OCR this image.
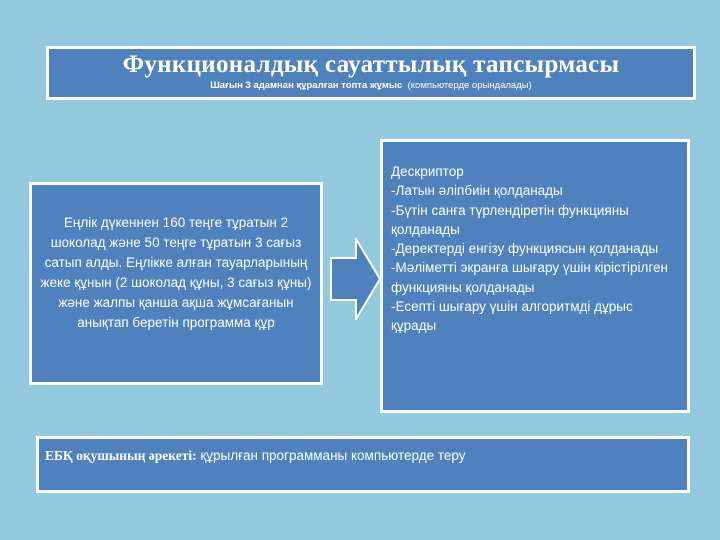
Функционалдық сауаттылық тапсырмасы
Шағын 3 адамнан құралған топта жұмыс (компьютерде орындалады)
Еңлік дүкеннен 160 теңге тұратын 2 шоколад және 50 теңге тұратын 3 сағыз сатып алды. Еңлікке алған тауарларының жеке құнын (2 шоколад құны, 3 сағыз құны) және жалпы қанша ақша жұмсағанын анықтап беретін программа құр
Дескриптор
-Латын әліпбиін қолданады
-Бүтін санға түрлендіретін функцияны қолданады
-Деректерді енгізу функциясын қолданады
-Мәліметті экранға шығару үшін кірістірілген функцияны қолданады
-Есепті шығару үшін алгоритмді дұрыс құрады
ЕБҚ оқушының әрекеті: құрылған программаны компьютерде теру
